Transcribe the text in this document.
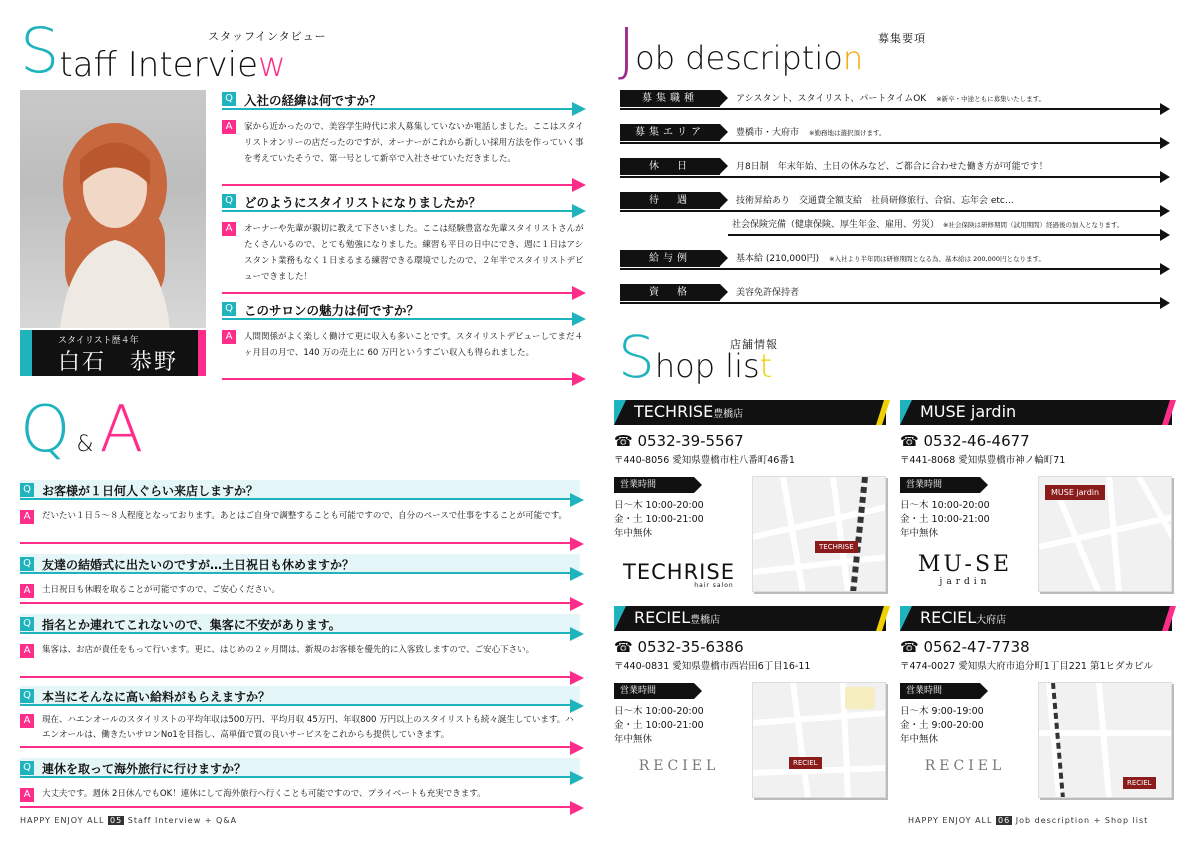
Staff Interview
スタッフインタビュー
スタイリスト歴４年
白石　恭野
Q 入社の経緯は何ですか？
A	家から近かったので、美容学生時代に求人募集していないか電話しました。ここはスタイリストオンリーの店だったのですが、オーナーがこれから新しい採用方法を作っていく事を考えていたそうで、第一号として新卒で入社させていただきました。
Q どのようにスタイリストになりましたか？
A	オーナーや先輩が親切に教えて下さいました。ここは経験豊富な先輩スタイリストさんがたくさんいるので、とても勉強になりました。練習も平日の日中にでき、週に１日はアシスタント業務もなく１日まるまる練習できる環境でしたので、２年半でスタイリストデビューできました！
Q このサロンの魅力は何ですか？
A	人間関係がよく楽しく働けて更に収入も多いことです。スタイリストデビューしてまだ４ヶ月目の月で、140 万の売上に 60 万円というすごい収入も得られました。
Q &A
Q お客様が１日何人ぐらい来店しますか？
A	だいたい１日５〜８人程度となっております。あとはご自身で調整することも可能ですので、自分のペースで仕事をすることが可能です。
Q 友達の結婚式に出たいのですが…土日祝日も休めますか？
A	土日祝日も休暇を取ることが可能ですので、ご安心ください。
Q 指名とか連れてこれないので、集客に不安があります。
A	集客は、お店が責任をもって行います。更に、はじめの２ヶ月間は、新規のお客様を優先的に入客致しますので、ご安心下さい。
Q 本当にそんなに高い給料がもらえますか？
A	現在、ハエンオールのスタイリストの平均年収は500万円、平均月収 45万円、年収800 万円以上のスタイリストも続々誕生しています。ハエンオールは、働きたいサロンNo1を目指し、高単価で質の良いサービスをこれからも提供していきます。
Q 連休を取って海外旅行に行けますか？
A	大丈夫です。週休 2日休んでもOK！連休にして海外旅行へ行くことも可能ですので、プライベートも充実できます。
HAPPY ENJOY ALL 05 Staff Interview + Q&A
Job description
募集要項
募集職種	アシスタント、スタイリスト、パートタイムOK ※新卒・中途ともに募集いたします。
募集エリア	豊橋市・大府市 ※勤務地は選択頂けます。
休　日	月8日制　年末年始、土日の休みなど、ご都合に合わせた働き方が可能です！
待　遇	技術昇給あり　交通費全額支給　社員研修旅行、合宿、忘年会 etc…
社会保険完備（健康保険、厚生年金、雇用、労災） ※社会保険は研修期間（試用期間）経過後の加入となります。
給与例	基本給 (210,000円) ※入社より半年間は研修期間となる為、基本給は 200,000円となります。
資　格	美容免許保持者
Shop list
店舗情報
TECHRISE豊橋店
☎ 0532-39-5567
〒440-8056 愛知県豊橋市柱八番町46番1
営業時間
日〜木 10:00-20:00
金・土 10:00-21:00
年中無休
TECHRISE
hair salon
TECHRISE
MUSE jardin
☎ 0532-46-4677
〒441-8068 愛知県豊橋市神ノ輪町71
営業時間
日〜木 10:00-20:00
金・土 10:00-21:00
年中無休
MU-SE
jardin
MUSE jardin
RECIEL豊橋店
☎ 0532-35-6386
〒440-0831 愛知県豊橋市西岩田6丁目16-11
営業時間
日〜木 10:00-20:00
金・土 10:00-21:00
年中無休
RECIEL	RECIEL
RECIEL大府店
☎ 0562-47-7738
〒474-0027 愛知県大府市追分町1丁目221 第1ヒダカビル
営業時間
日〜木 9:00-19:00
金・土 9:00-20:00
年中無休
RECIEL
RECIEL
HAPPY ENJOY ALL 06 Job description + Shop list
